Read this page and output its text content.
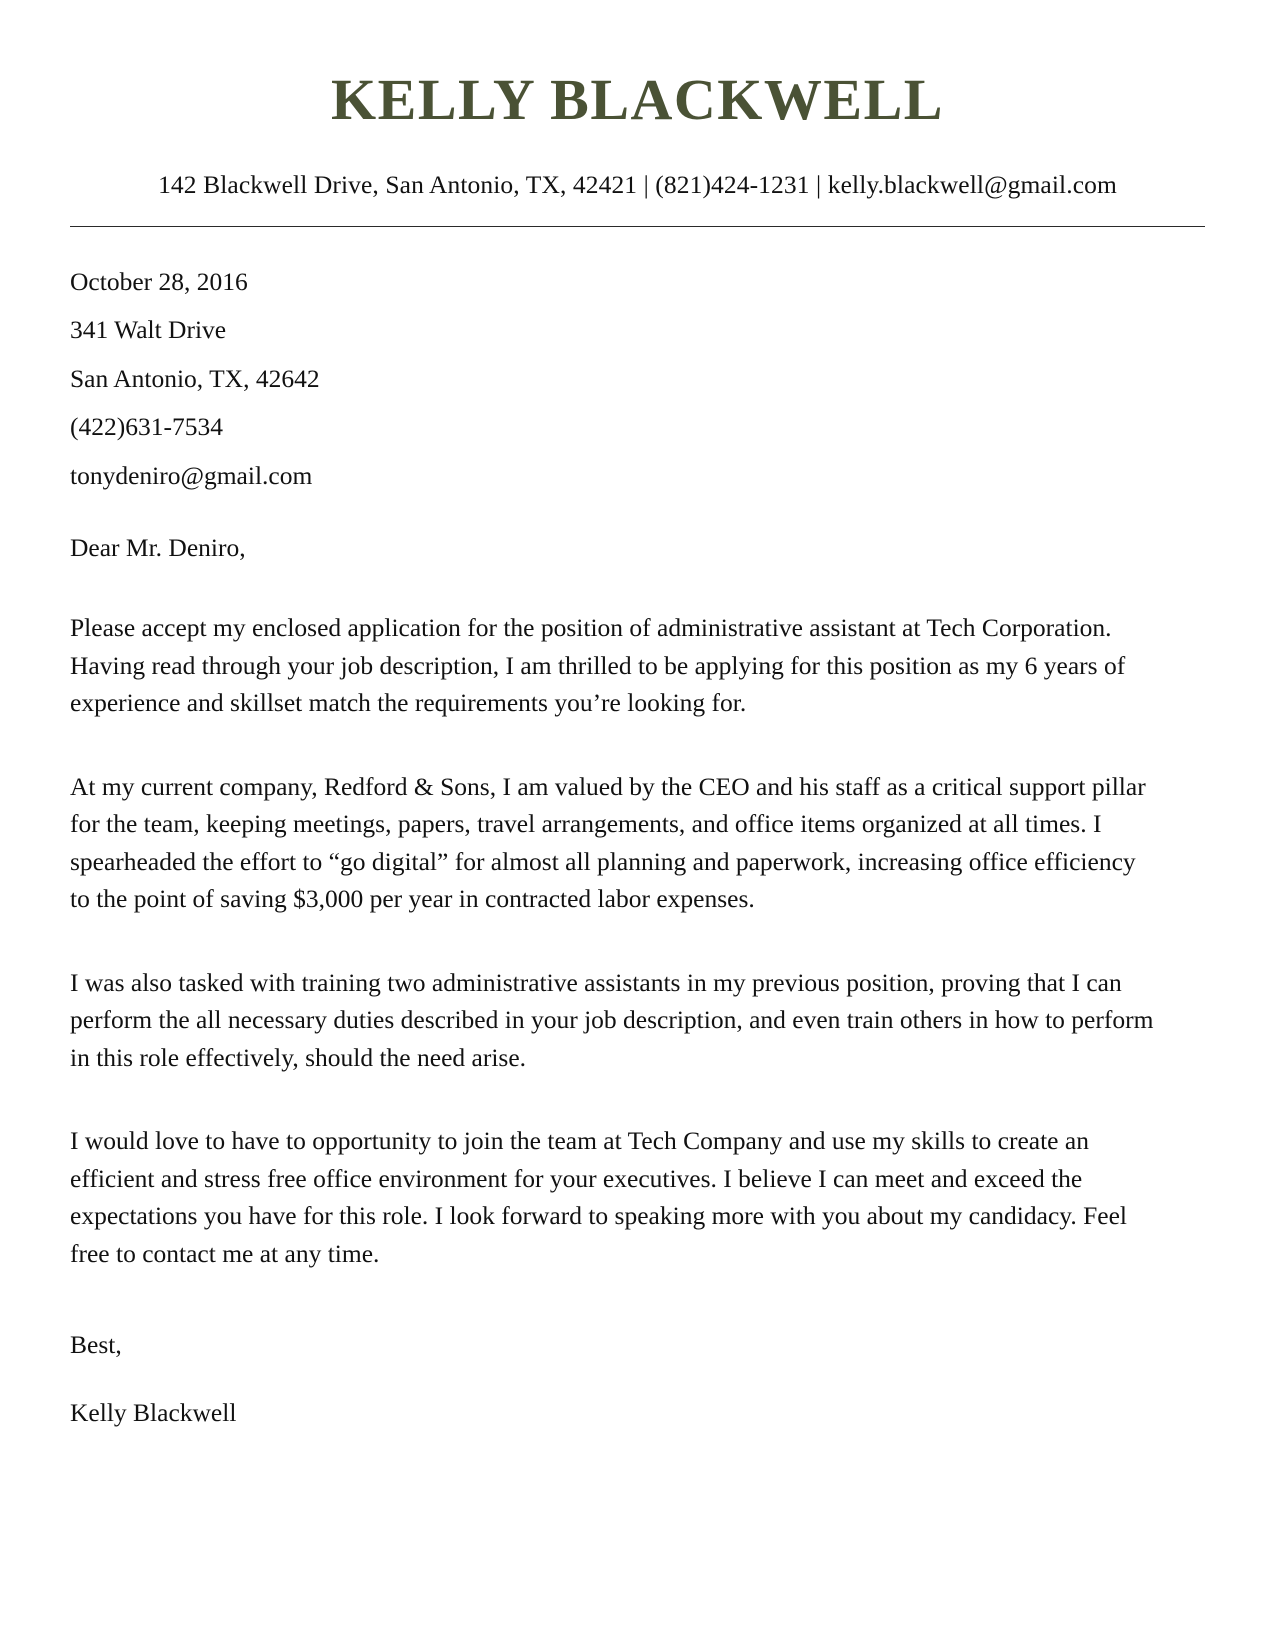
KELLY BLACKWELL

142 Blackwell Drive, San Antonio, TX, 42421 | (821)424-1231 | kelly.blackwell@gmail.com

October 28, 2016

341 Walt Drive

San Antonio, TX, 42642

(422)631-7534

tonydeniro@gmail.com

Dear Mr. Deniro,

Please accept my enclosed application for the position of administrative assistant at Tech Corporation. Having read through your job description, I am thrilled to be applying for this position as my 6 years of experience and skillset match the requirements you’re looking for.

At my current company, Redford & Sons, I am valued by the CEO and his staff as a critical support pillar for the team, keeping meetings, papers, travel arrangements, and office items organized at all times. I spearheaded the effort to “go digital” for almost all planning and paperwork, increasing office efficiency to the point of saving $3,000 per year in contracted labor expenses.

I was also tasked with training two administrative assistants in my previous position, proving that I can perform the all necessary duties described in your job description, and even train others in how to perform in this role effectively, should the need arise.

I would love to have to opportunity to join the team at Tech Company and use my skills to create an efficient and stress free office environment for your executives. I believe I can meet and exceed the expectations you have for this role. I look forward to speaking more with you about my candidacy. Feel free to contact me at any time.

Best,

Kelly Blackwell
